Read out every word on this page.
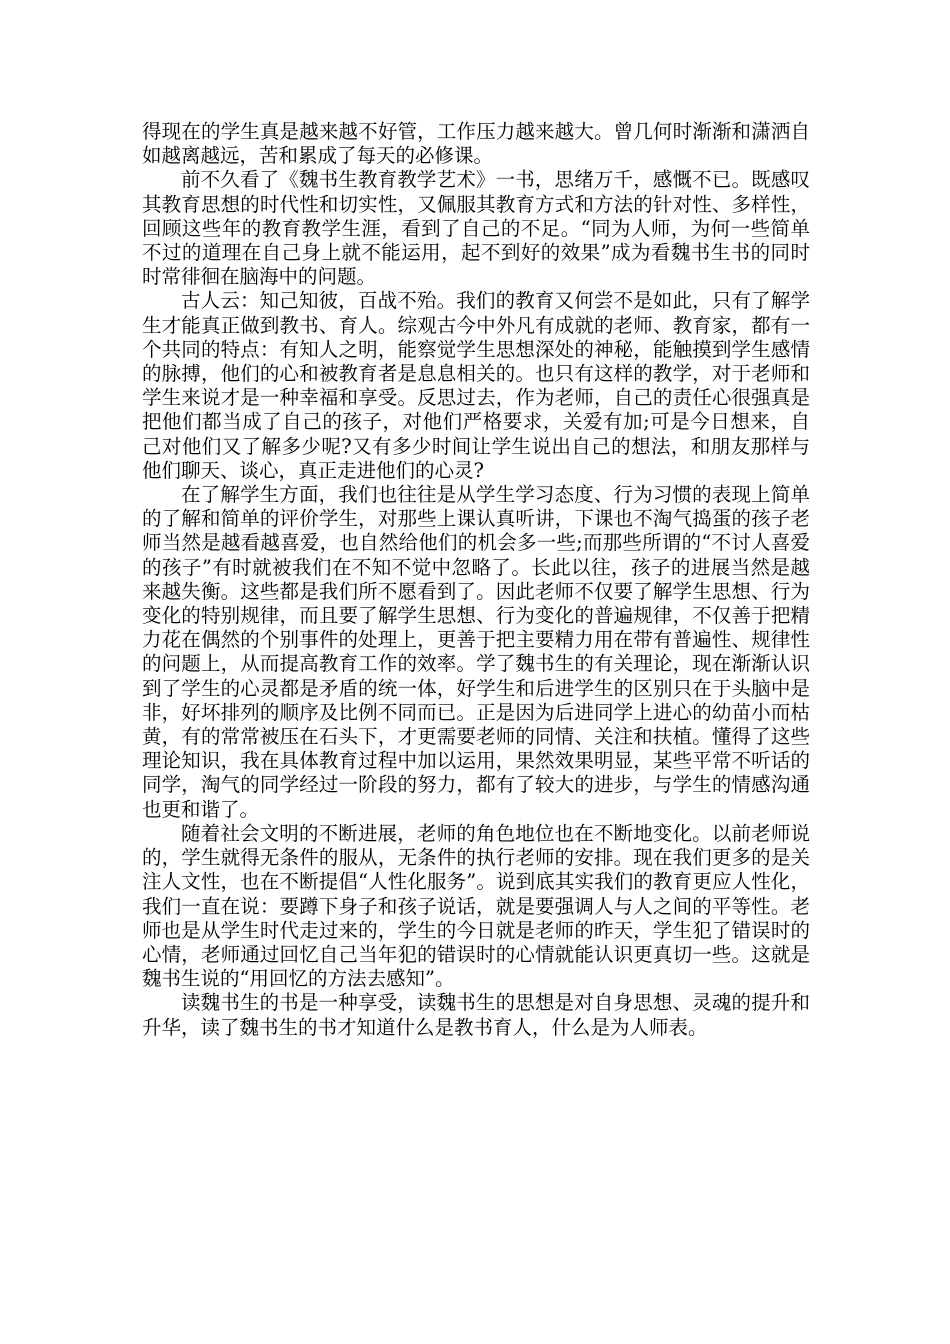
得现在的学生真是越来越不好管，工作压力越来越大。曾几何时渐渐和潇洒自如越离越远，苦和累成了每天的必修课。

前不久看了《魏书生教育教学艺术》一书，思绪万千，感慨不已。既感叹其教育思想的时代性和切实性，又佩服其教育方式和方法的针对性、多样性，回顾这些年的教育教学生涯，看到了自己的不足。“同为人师，为何一些简单不过的道理在自己身上就不能运用，起不到好的效果”成为看魏书生书的同时时常徘徊在脑海中的问题。

古人云：知己知彼，百战不殆。我们的教育又何尝不是如此，只有了解学生才能真正做到教书、育人。综观古今中外凡有成就的老师、教育家，都有一个共同的特点：有知人之明，能察觉学生思想深处的神秘，能触摸到学生感情的脉搏，他们的心和被教育者是息息相关的。也只有这样的教学，对于老师和学生来说才是一种幸福和享受。反思过去，作为老师，自己的责任心很强真是把他们都当成了自己的孩子，对他们严格要求，关爱有加;可是今日想来，自己对他们又了解多少呢?又有多少时间让学生说出自己的想法，和朋友那样与他们聊天、谈心，真正走进他们的心灵?

在了解学生方面，我们也往往是从学生学习态度、行为习惯的表现上简单的了解和简单的评价学生，对那些上课认真听讲，下课也不淘气捣蛋的孩子老师当然是越看越喜爱，也自然给他们的机会多一些;而那些所谓的“不讨人喜爱的孩子”有时就被我们在不知不觉中忽略了。长此以往，孩子的进展当然是越来越失衡。这些都是我们所不愿看到了。因此老师不仅要了解学生思想、行为变化的特别规律，而且要了解学生思想、行为变化的普遍规律，不仅善于把精力花在偶然的个别事件的处理上，更善于把主要精力用在带有普遍性、规律性的问题上，从而提高教育工作的效率。学了魏书生的有关理论，现在渐渐认识到了学生的心灵都是矛盾的统一体，好学生和后进学生的区别只在于头脑中是非，好坏排列的顺序及比例不同而已。正是因为后进同学上进心的幼苗小而枯黄，有的常常被压在石头下，才更需要老师的同情、关注和扶植。懂得了这些理论知识，我在具体教育过程中加以运用，果然效果明显，某些平常不听话的同学，淘气的同学经过一阶段的努力，都有了较大的进步，与学生的情感沟通也更和谐了。

随着社会文明的不断进展，老师的角色地位也在不断地变化。以前老师说的，学生就得无条件的服从，无条件的执行老师的安排。现在我们更多的是关注人文性，也在不断提倡“人性化服务”。说到底其实我们的教育更应人性化，我们一直在说：要蹲下身子和孩子说话，就是要强调人与人之间的平等性。老师也是从学生时代走过来的，学生的今日就是老师的昨天，学生犯了错误时的心情，老师通过回忆自己当年犯的错误时的心情就能认识更真切一些。这就是魏书生说的“用回忆的方法去感知”。

读魏书生的书是一种享受，读魏书生的思想是对自身思想、灵魂的提升和升华，读了魏书生的书才知道什么是教书育人，什么是为人师表。
